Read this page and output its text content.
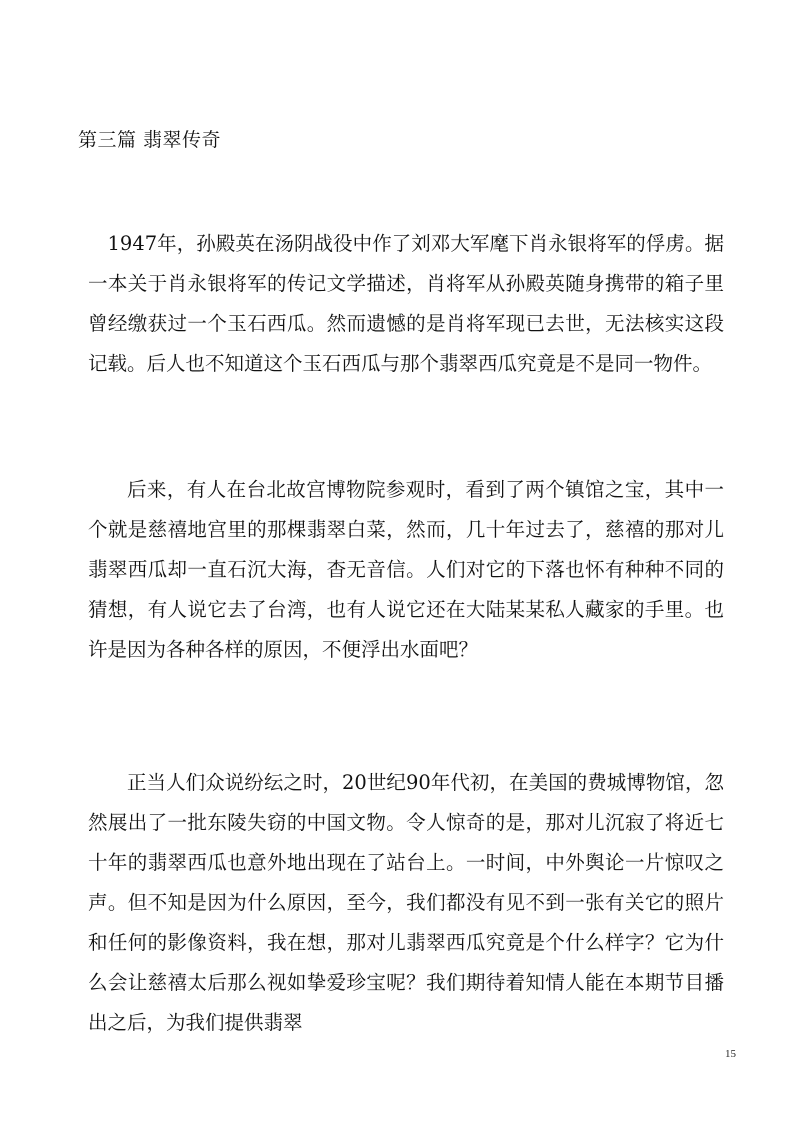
第三篇 翡翠传奇

1947年，孙殿英在汤阴战役中作了刘邓大军麾下肖永银将军的俘虏。据一本关于肖永银将军的传记文学描述，肖将军从孙殿英随身携带的箱子里曾经缴获过一个玉石西瓜。然而遗憾的是肖将军现已去世，无法核实这段记载。后人也不知道这个玉石西瓜与那个翡翠西瓜究竟是不是同一物件。

后来，有人在台北故宫博物院参观时，看到了两个镇馆之宝，其中一个就是慈禧地宫里的那棵翡翠白菜，然而，几十年过去了，慈禧的那对儿翡翠西瓜却一直石沉大海，杳无音信。人们对它的下落也怀有种种不同的猜想，有人说它去了台湾，也有人说它还在大陆某某私人藏家的手里。也许是因为各种各样的原因，不便浮出水面吧？

正当人们众说纷纭之时，20世纪90年代初，在美国的费城博物馆，忽然展出了一批东陵失窃的中国文物。令人惊奇的是，那对儿沉寂了将近七十年的翡翠西瓜也意外地出现在了站台上。一时间，中外舆论一片惊叹之声。但不知是因为什么原因，至今，我们都没有见不到一张有关它的照片和任何的影像资料，我在想，那对儿翡翠西瓜究竟是个什么样字？它为什么会让慈禧太后那么视如挚爱珍宝呢？我们期待着知情人能在本期节目播出之后，为我们提供翡翠

15
